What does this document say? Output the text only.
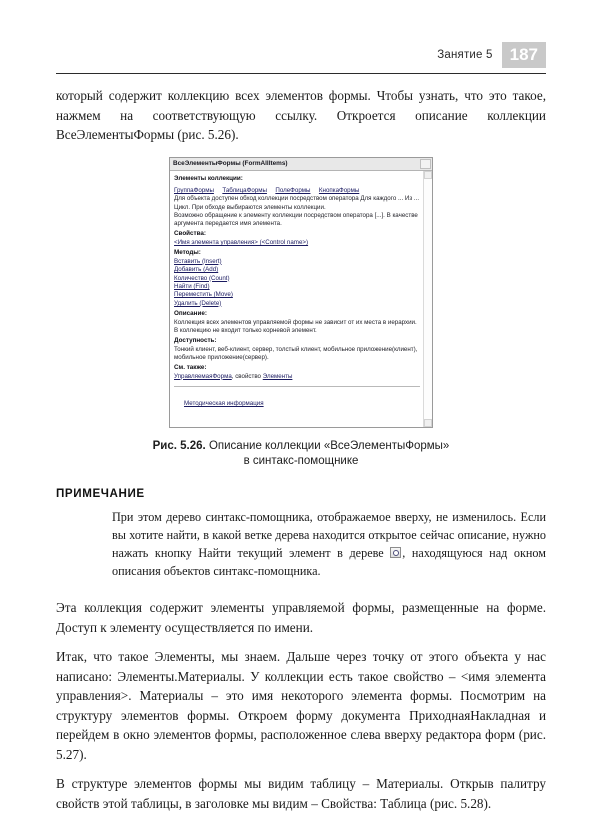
Занятие 5	187

который содержит коллекцию всех элементов формы. Чтобы узнать, что это такое, нажмем на соответствующую ссылку. Откроется описание коллекции ВсеЭлементыФормы (рис. 5.26).

ВсеЭлементыФормы (FormAllItems)
Элементы коллекции:
ГруппаФормы ТаблицаФормы ПолеФормы КнопкаФормы
Для объекта доступен обход коллекции посредством оператора Для каждого ... Из ... Цикл. При обходе выбираются элементы коллекции.
Возможно обращение к элементу коллекции посредством оператора [...]. В качестве аргумента передается имя элемента.
Свойства:
<Имя элемента управления> (<Control name>)
Методы:
Вставить (Insert)
Добавить (Add)
Количество (Count)
Найти (Find)
Переместить (Move)
Удалить (Delete)
Описание:
Коллекция всех элементов управляемой формы не зависит от их места в иерархии. В коллекцию не входит только корневой элемент.
Доступность:
Тонкий клиент, веб-клиент, сервер, толстый клиент, мобильное приложение(клиент), мобильное приложение(сервер).
См. также:
УправляемаяФорма, свойство Элементы
Методическая информация
Рис. 5.26. Описание коллекции «ВсеЭлементыФормы»
в синтакс-помощнике
ПРИМЕЧАНИЕ
При этом дерево синтакс-помощника, отображаемое вверху, не изменилось. Если вы хотите найти, в какой ветке дерева находится открытое сейчас описание, нужно нажать кнопку Найти текущий элемент в дереве , находящуюся над окном описания объектов синтакс-помощника.

Эта коллекция содержит элементы управляемой формы, размещенные на форме. Доступ к элементу осуществляется по имени.

Итак, что такое Элементы, мы знаем. Дальше через точку от этого объекта у нас написано: Элементы.Материалы. У коллекции есть такое свойство – <имя элемента управления>. Материалы – это имя некоторого элемента формы. Посмотрим на структуру элементов формы. Откроем форму документа ПриходнаяНакладная и перейдем в окно элементов формы, расположенное слева вверху редактора форм (рис. 5.27).

В структуре элементов формы мы видим таблицу – Материалы. Открыв палитру свойств этой таблицы, в заголовке мы видим – Свойства: Таблица (рис. 5.28).
